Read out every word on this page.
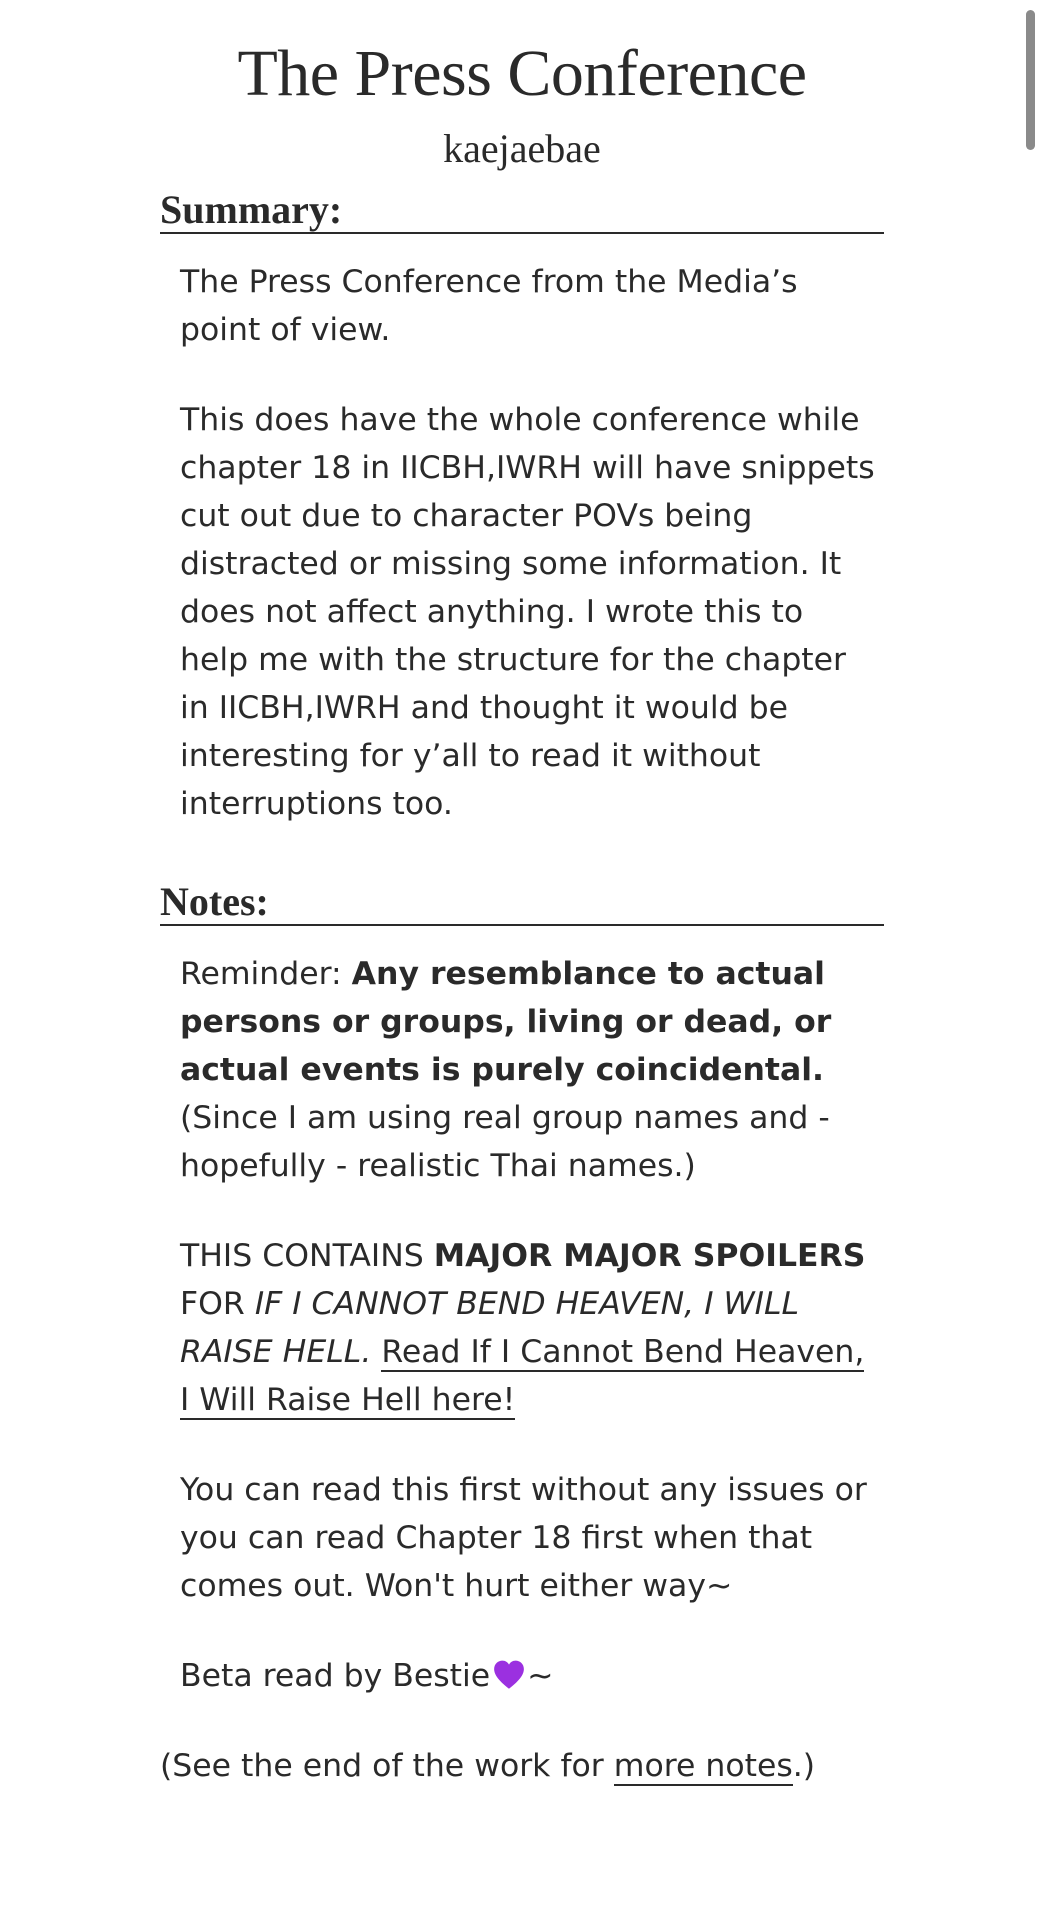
The Press Conference
kaejaebae
Summary:

The Press Conference from the Media’s point of view.

This does have the whole conference while chapter 18 in IICBH,IWRH will have snippets cut out due to character POVs being distracted or missing some information. It does not affect anything. I wrote this to help me with the structure for the chapter in IICBH,IWRH and thought it would be interesting for y’all to read it without interruptions too.

Notes:

Reminder: Any resemblance to actual persons or groups, living or dead, or actual events is purely coincidental. (Since I am using real group names and - hopefully - realistic Thai names.)

THIS CONTAINS MAJOR MAJOR SPOILERS FOR IF I CANNOT BEND HEAVEN, I WILL RAISE HELL. Read If I Cannot Bend Heaven, I Will Raise Hell here!

You can read this first without any issues or you can read Chapter 18 first when that comes out. Won't hurt either way~

Beta read by Bestie ~

(See the end of the work for more notes.)
